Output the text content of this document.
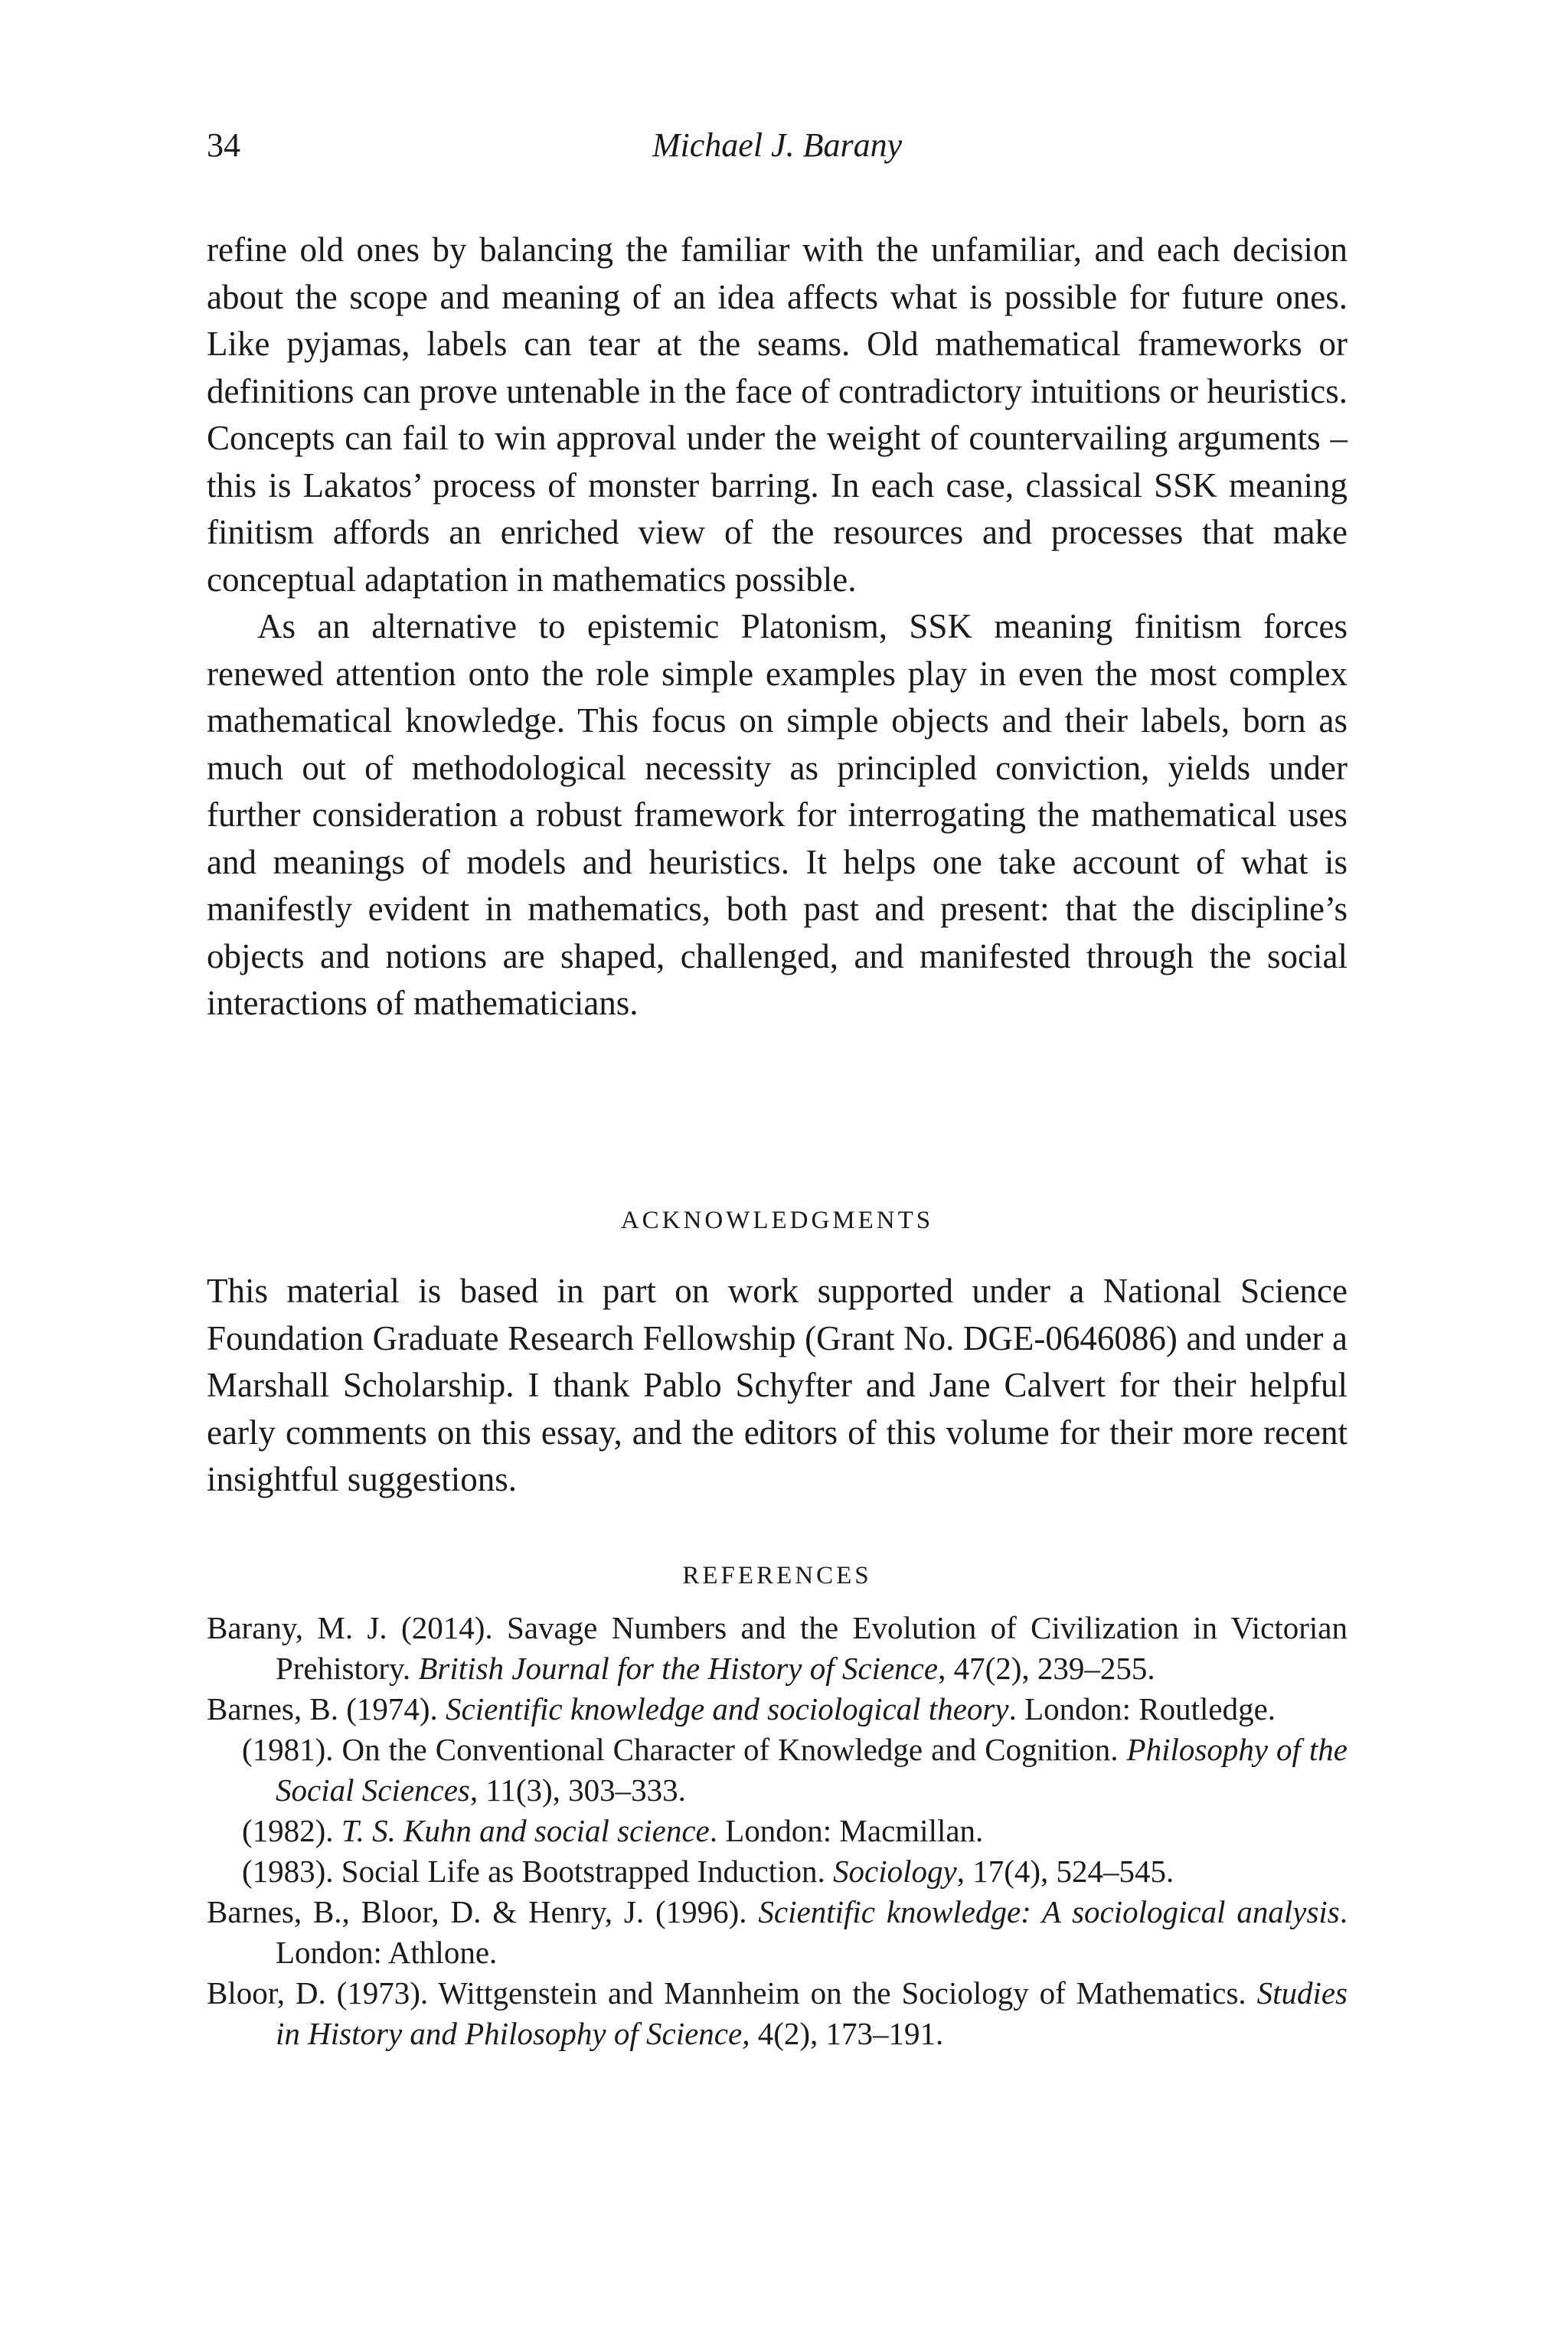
34	Michael J. Barany

refine old ones by balancing the familiar with the unfamiliar, and each decision about the scope and meaning of an idea affects what is possible for future ones. Like pyjamas, labels can tear at the seams. Old mathematical frameworks or definitions can prove untenable in the face of contradictory intuitions or heuristics. Concepts can fail to win approval under the weight of countervailing arguments – this is Lakatos’ process of monster barring. In each case, classical SSK meaning finitism affords an enriched view of the resources and processes that make conceptual adaptation in mathematics possible.

As an alternative to epistemic Platonism, SSK meaning finitism forces renewed attention onto the role simple examples play in even the most complex mathematical knowledge. This focus on simple objects and their labels, born as much out of methodological necessity as principled conviction, yields under further consideration a robust framework for interrogating the mathematical uses and meanings of models and heuristics. It helps one take account of what is manifestly evident in mathematics, both past and present: that the discipline’s objects and notions are shaped, challenged, and manifested through the social interactions of mathematicians.

ACKNOWLEDGMENTS

This material is based in part on work supported under a National Science Foundation Graduate Research Fellowship (Grant No. DGE-0646086) and under a Marshall Scholarship. I thank Pablo Schyfter and Jane Calvert for their helpful early comments on this essay, and the editors of this volume for their more recent insightful suggestions.

REFERENCES

Barany, M. J. (2014). Savage Numbers and the Evolution of Civilization in Victorian Prehistory. British Journal for the History of Science, 47(2), 239–255.

Barnes, B. (1974). Scientific knowledge and sociological theory. London: Routledge.

(1981). On the Conventional Character of Knowledge and Cognition. Philosophy of the Social Sciences, 11(3), 303–333.

(1982). T. S. Kuhn and social science. London: Macmillan.

(1983). Social Life as Bootstrapped Induction. Sociology, 17(4), 524–545.

Barnes, B., Bloor, D. & Henry, J. (1996). Scientific knowledge: A sociological analysis. London: Athlone.

Bloor, D. (1973). Wittgenstein and Mannheim on the Sociology of Mathematics. Studies in History and Philosophy of Science, 4(2), 173–191.
